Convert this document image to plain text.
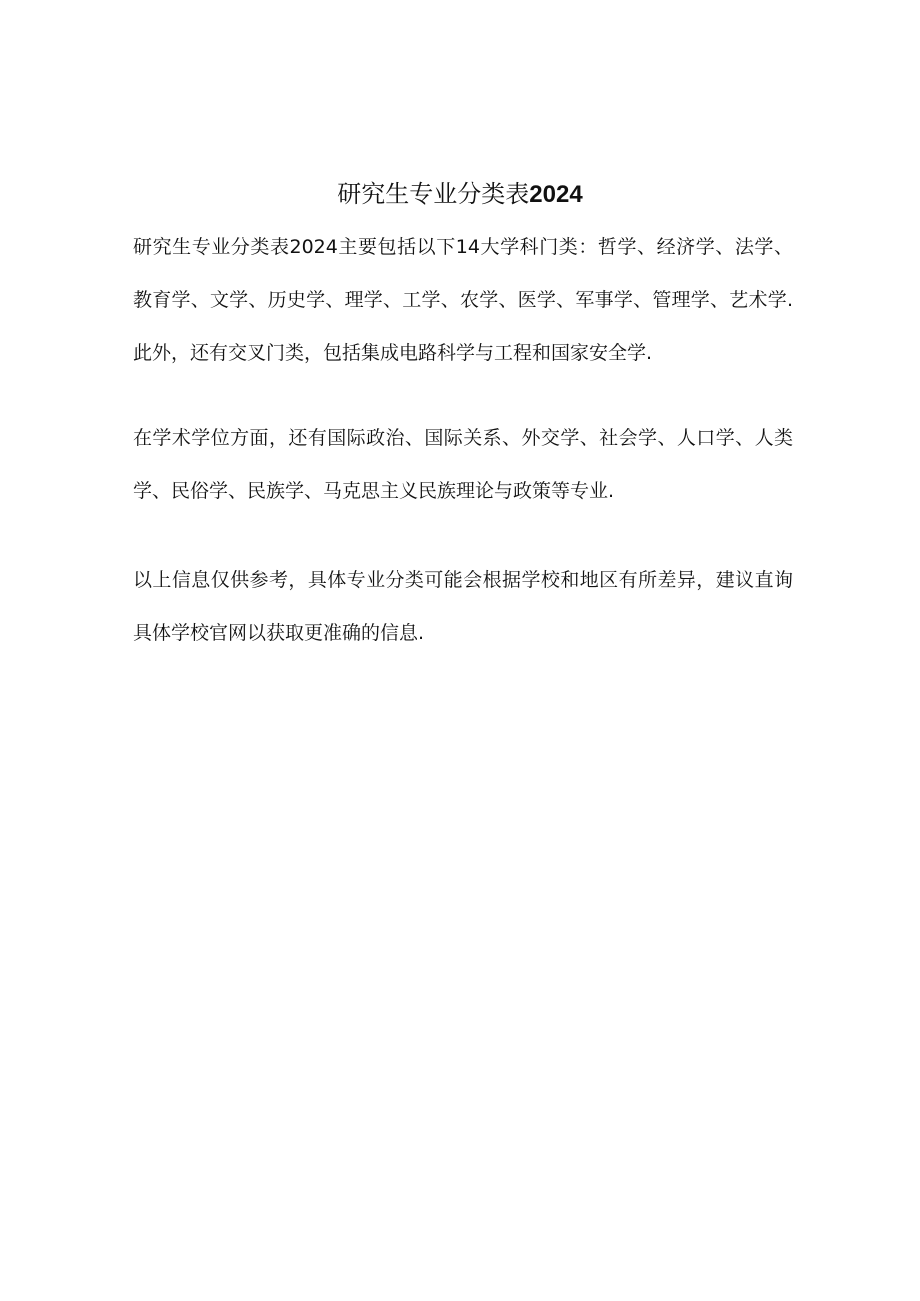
研究生专业分类表2024

研究生专业分类表2024主要包括以下14大学科门类：哲学、经济学、法学、教育学、文学、历史学、理学、工学、农学、医学、军事学、管理学、艺术学.此外，还有交叉门类，包括集成电路科学与工程和国家安全学.

在学术学位方面，还有国际政治、国际关系、外交学、社会学、人口学、人类学、民俗学、民族学、马克思主义民族理论与政策等专业.

以上信息仅供参考，具体专业分类可能会根据学校和地区有所差异，建议直询具体学校官网以获取更准确的信息.
